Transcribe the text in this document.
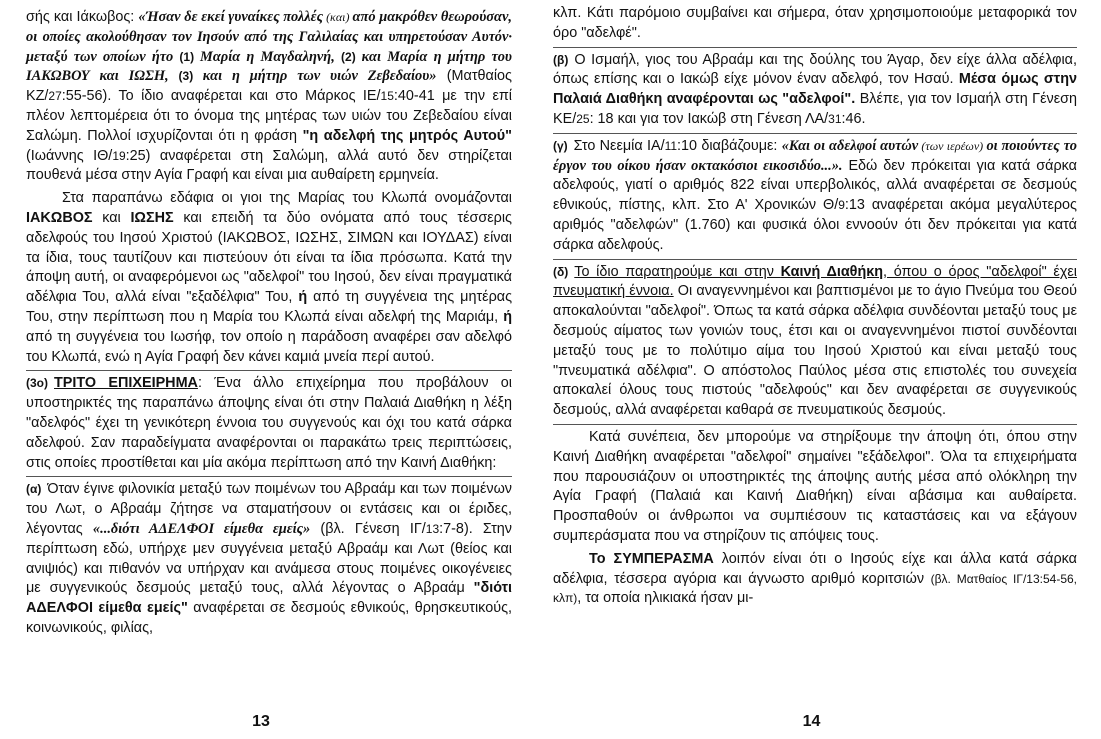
σής και Ιάκωβος: «Ήσαν δε εκεί γυναίκες πολλές (και) από μακρόθεν θεωρούσαν, οι οποίες ακολούθησαν τον Ιησούν από της Γαλιλαίας και υπηρετούσαν Αυτόν· μεταξύ των οποίων ήτο (1) Μαρία η Μαγδαληνή, (2) και Μαρία η μήτηρ του ΙΑΚΩΒΟΥ και ΙΩΣΗ, (3) και η μήτηρ των υιών Ζεβεδαίου» (Ματθαίος ΚΖ/27:55-56). Το ίδιο αναφέρεται και στο Μάρκος ΙΕ/15:40-41 με την επί πλέον λεπτομέρεια ότι το όνομα της μητέρας των υιών του Ζεβεδαίου είναι Σαλώμη. Πολλοί ισχυρίζονται ότι η φράση "η αδελφή της μητρός Αυτού" (Ιωάννης ΙΘ/19:25) αναφέρεται στη Σαλώμη, αλλά αυτό δεν στηρίζεται πουθενά μέσα στην Αγία Γραφή και είναι μια αυθαίρετη ερμηνεία.

Στα παραπάνω εδάφια οι γιοι της Μαρίας του Κλωπά ονομάζονται ΙΑΚΩΒΟΣ και ΙΩΣΗΣ και επειδή τα δύο ονόματα από τους τέσσερις αδελφούς του Ιησού Χριστού (ΙΑΚΩΒΟΣ, ΙΩΣΗΣ, ΣΙΜΩΝ και ΙΟΥΔΑΣ) είναι τα ίδια, τους ταυτίζουν και πιστεύουν ότι είναι τα ίδια πρόσωπα. Κατά την άποψη αυτή, οι αναφερόμενοι ως "αδελφοί" του Ιησού, δεν είναι πραγματικά αδέλφια Του, αλλά είναι "εξαδέλφια" Του, ή από τη συγγένεια της μητέρας Του, στην περίπτωση που η Μαρία του Κλωπά είναι αδελφή της Μαριάμ, ή από τη συγγένεια του Ιωσήφ, τον οποίο η παράδοση αναφέρει σαν αδελφό του Κλωπά, ενώ η Αγία Γραφή δεν κάνει καμιά μνεία περί αυτού.

(3ο) ΤΡΙΤΟ ΕΠΙΧΕΙΡΗΜΑ: Ένα άλλο επιχείρημα που προβάλουν οι υποστηρικτές της παραπάνω άποψης είναι ότι στην Παλαιά Διαθήκη η λέξη "αδελφός" έχει τη γενικότερη έννοια του συγγενούς και όχι του κατά σάρκα αδελφού. Σαν παραδείγματα αναφέρονται οι παρακάτω τρεις περιπτώσεις, στις οποίες προστίθεται και μία ακόμα περίπτωση από την Καινή Διαθήκη:

(α) Όταν έγινε φιλονικία μεταξύ των ποιμένων του Αβραάμ και των ποιμένων του Λωτ, ο Αβραάμ ζήτησε να σταματήσουν οι εντάσεις και οι έριδες, λέγοντας «...διότι ΑΔΕΛΦΟΙ είμεθα εμείς» (βλ. Γένεση ΙΓ/13:7-8). Στην περίπτωση εδώ, υπήρχε μεν συγγένεια μεταξύ Αβραάμ και Λωτ (θείος και ανιψιός) και πιθανόν να υπήρχαν και ανάμεσα στους ποιμένες οικογένειες με συγγενικούς δεσμούς μεταξύ τους, αλλά λέγοντας ο Αβραάμ "διότι ΑΔΕΛΦΟΙ είμεθα εμείς" αναφέρεται σε δεσμούς εθνικούς, θρησκευτικούς, κοινωνικούς, φιλίας,

13

κλπ. Κάτι παρόμοιο συμβαίνει και σήμερα, όταν χρησιμοποιούμε μεταφορικά τον όρο "αδελφέ".

(β) Ο Ισμαήλ, γιος του Αβραάμ και της δούλης του Άγαρ, δεν είχε άλλα αδέλφια, όπως επίσης και ο Ιακώβ είχε μόνον έναν αδελφό, τον Ησαύ. Μέσα όμως στην Παλαιά Διαθήκη αναφέρονται ως "αδελφοί". Βλέπε, για τον Ισμαήλ στη Γένεση ΚΕ/25: 18 και για τον Ιακώβ στη Γένεση ΛΑ/31:46.

(γ) Στο Νεεμία ΙΑ/11:10 διαβάζουμε: «Και οι αδελφοί αυτών (των ιερέων) οι ποιούντες το έργον του οίκου ήσαν οκτακόσιοι εικοσιδύο...». Εδώ δεν πρόκειται για κατά σάρκα αδελφούς, γιατί ο αριθμός 822 είναι υπερβολικός, αλλά αναφέρεται σε δεσμούς εθνικούς, πίστης, κλπ. Στο Α' Χρονικών Θ/9:13 αναφέρεται ακόμα μεγαλύτερος αριθμός "αδελφών" (1.760) και φυσικά όλοι εννοούν ότι δεν πρόκειται για κατά σάρκα αδελφούς.

(δ) Το ίδιο παρατηρούμε και στην Καινή Διαθήκη, όπου ο όρος "αδελφοί" έχει πνευματική έννοια. Οι αναγεννημένοι και βαπτισμένοι με το άγιο Πνεύμα του Θεού αποκαλούνται "αδελφοί". Όπως τα κατά σάρκα αδέλφια συνδέονται μεταξύ τους με δεσμούς αίματος των γονιών τους, έτσι και οι αναγεννημένοι πιστοί συνδέονται μεταξύ τους με το πολύτιμο αίμα του Ιησού Χριστού και είναι μεταξύ τους "πνευματικά αδέλφια". Ο απόστολος Παύλος μέσα στις επιστολές του συνεχεία αποκαλεί όλους τους πιστούς "αδελφούς" και δεν αναφέρεται σε συγγενικούς δεσμούς, αλλά αναφέρεται καθαρά σε πνευματικούς δεσμούς.

Κατά συνέπεια, δεν μπορούμε να στηρίξουμε την άποψη ότι, όπου στην Καινή Διαθήκη αναφέρεται "αδελφοί" σημαίνει "εξάδελφοι". Όλα τα επιχειρήματα που παρουσιάζουν οι υποστηρικτές της άποψης αυτής μέσα από ολόκληρη την Αγία Γραφή (Παλαιά και Καινή Διαθήκη) είναι αβάσιμα και αυθαίρετα. Προσπαθούν οι άνθρωποι να συμπιέσουν τις καταστάσεις και να εξάγουν συμπεράσματα που να στηρίζουν τις απόψεις τους.

Το ΣΥΜΠΕΡΑΣΜΑ λοιπόν είναι ότι ο Ιησούς είχε και άλλα κατά σάρκα αδέλφια, τέσσερα αγόρια και άγνωστο αριθμό κοριτσιών (βλ. Ματθαίος ΙΓ/13:54-56, κλπ), τα οποία ηλικιακά ήσαν μι-

14
